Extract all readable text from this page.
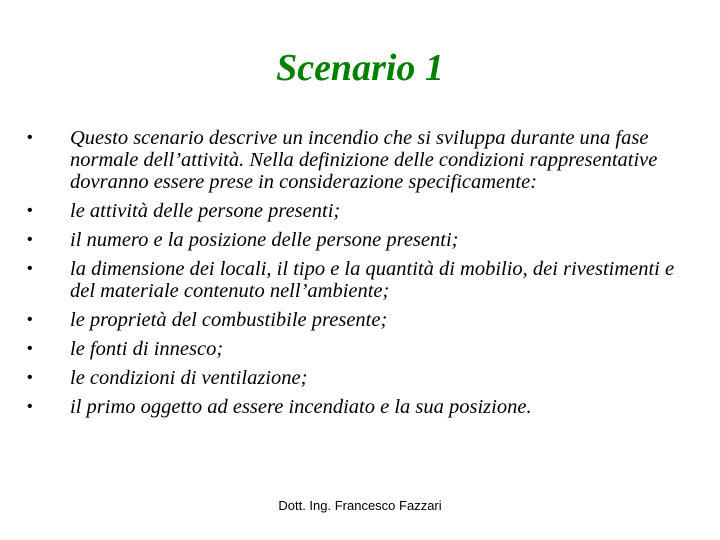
Scenario 1
• Questo scenario descrive un incendio che si sviluppa durante una fase normale dell’attività. Nella definizione delle condizioni rappresentative dovranno essere prese in considerazione specificamente:
• le attività delle persone presenti;
• il numero e la posizione delle persone presenti;
• la dimensione dei locali, il tipo e la quantità di mobilio, dei rivestimenti e del materiale contenuto nell’ambiente;
• le proprietà del combustibile presente;
• le fonti di innesco;
• le condizioni di ventilazione;
• il primo oggetto ad essere incendiato e la sua posizione.
Dott. Ing. Francesco Fazzari
